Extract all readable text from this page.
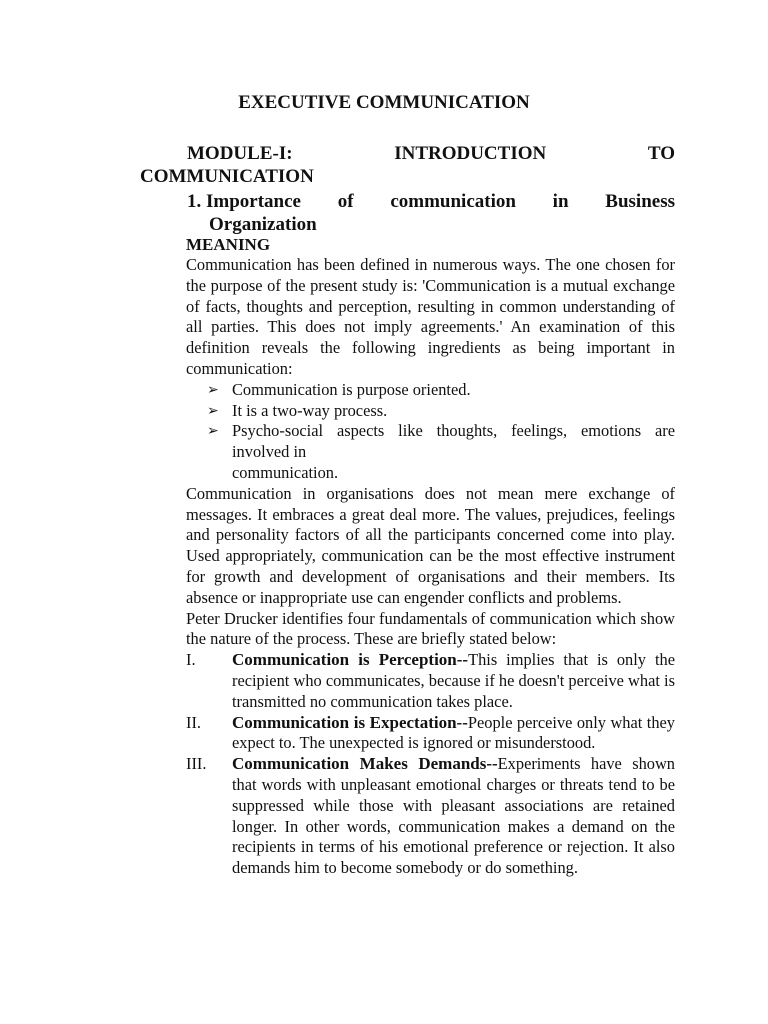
EXECUTIVE COMMUNICATION
MODULE-I:	INTRODUCTION	TO
COMMUNICATION
1. Importance of communication in Business
Organization
MEANING

Communication has been defined in numerous ways. The one chosen for the purpose of the present study is: 'Communication is a mutual exchange of facts, thoughts and perception, resulting in common understanding of all parties. This does not imply agreements.' An examination of this definition reveals the following ingredients as being important in communication:

➢ Communication is purpose oriented.
➢ It is a two-way process.
➢ Psycho-social aspects like thoughts, feelings, emotions are involved in
communication.

Communication in organisations does not mean mere exchange of messages. It embraces a great deal more. The values, prejudices, feelings and personality factors of all the participants concerned come into play. Used appropriately, communication can be the most effective instrument for growth and development of organisations and their members. Its absence or inappropriate use can engender conflicts and problems.

Peter Drucker identifies four fundamentals of communication which show the nature of the process. These are briefly stated below:

I.	Communication is Perception--This implies that is only the recipient who communicates, because if he doesn't perceive what is transmitted no communication takes place.
II.	Communication is Expectation--People perceive only what they expect to. The unexpected is ignored or misunderstood.
III.	Communication Makes Demands--Experiments have shown that words with unpleasant emotional charges or threats tend to be suppressed while those with pleasant associations are retained longer. In other words, communication makes a demand on the recipients in terms of his emotional preference or rejection. It also demands him to become somebody or do something.
